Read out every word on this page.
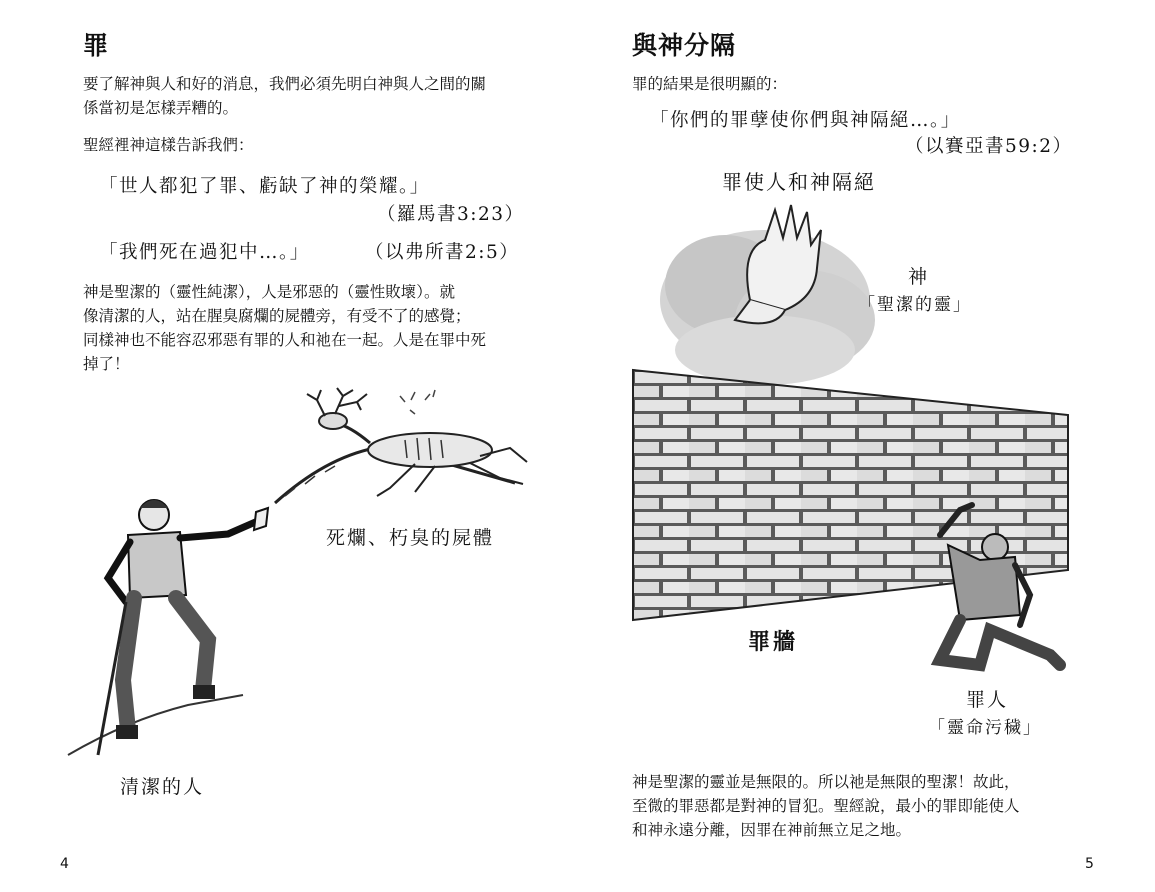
罪
要了解神與人和好的消息，我們必須先明白神與人之間的關
係當初是怎樣弄糟的。
聖經裡神這樣告訴我們：
「世人都犯了罪、虧缺了神的榮耀。」
（羅馬書3:23）
「我們死在過犯中…。」	（以弗所書2:5）
神是聖潔的（靈性純潔），人是邪惡的（靈性敗壞）。就
像清潔的人，站在腥臭腐爛的屍體旁，有受不了的感覺；
同樣神也不能容忍邪惡有罪的人和祂在一起。人是在罪中死
掉了！
死爛、朽臭的屍體
清潔的人
4
與神分隔
罪的結果是很明顯的：
「你們的罪孽使你們與神隔絕…。」
（以賽亞書59:2）
罪使人和神隔絕
神
「聖潔的靈」
罪牆
罪人
「靈命污穢」
神是聖潔的靈並是無限的。所以祂是無限的聖潔！故此，
至微的罪惡都是對神的冒犯。聖經說，最小的罪即能使人
和神永遠分離，因罪在神前無立足之地。
5
